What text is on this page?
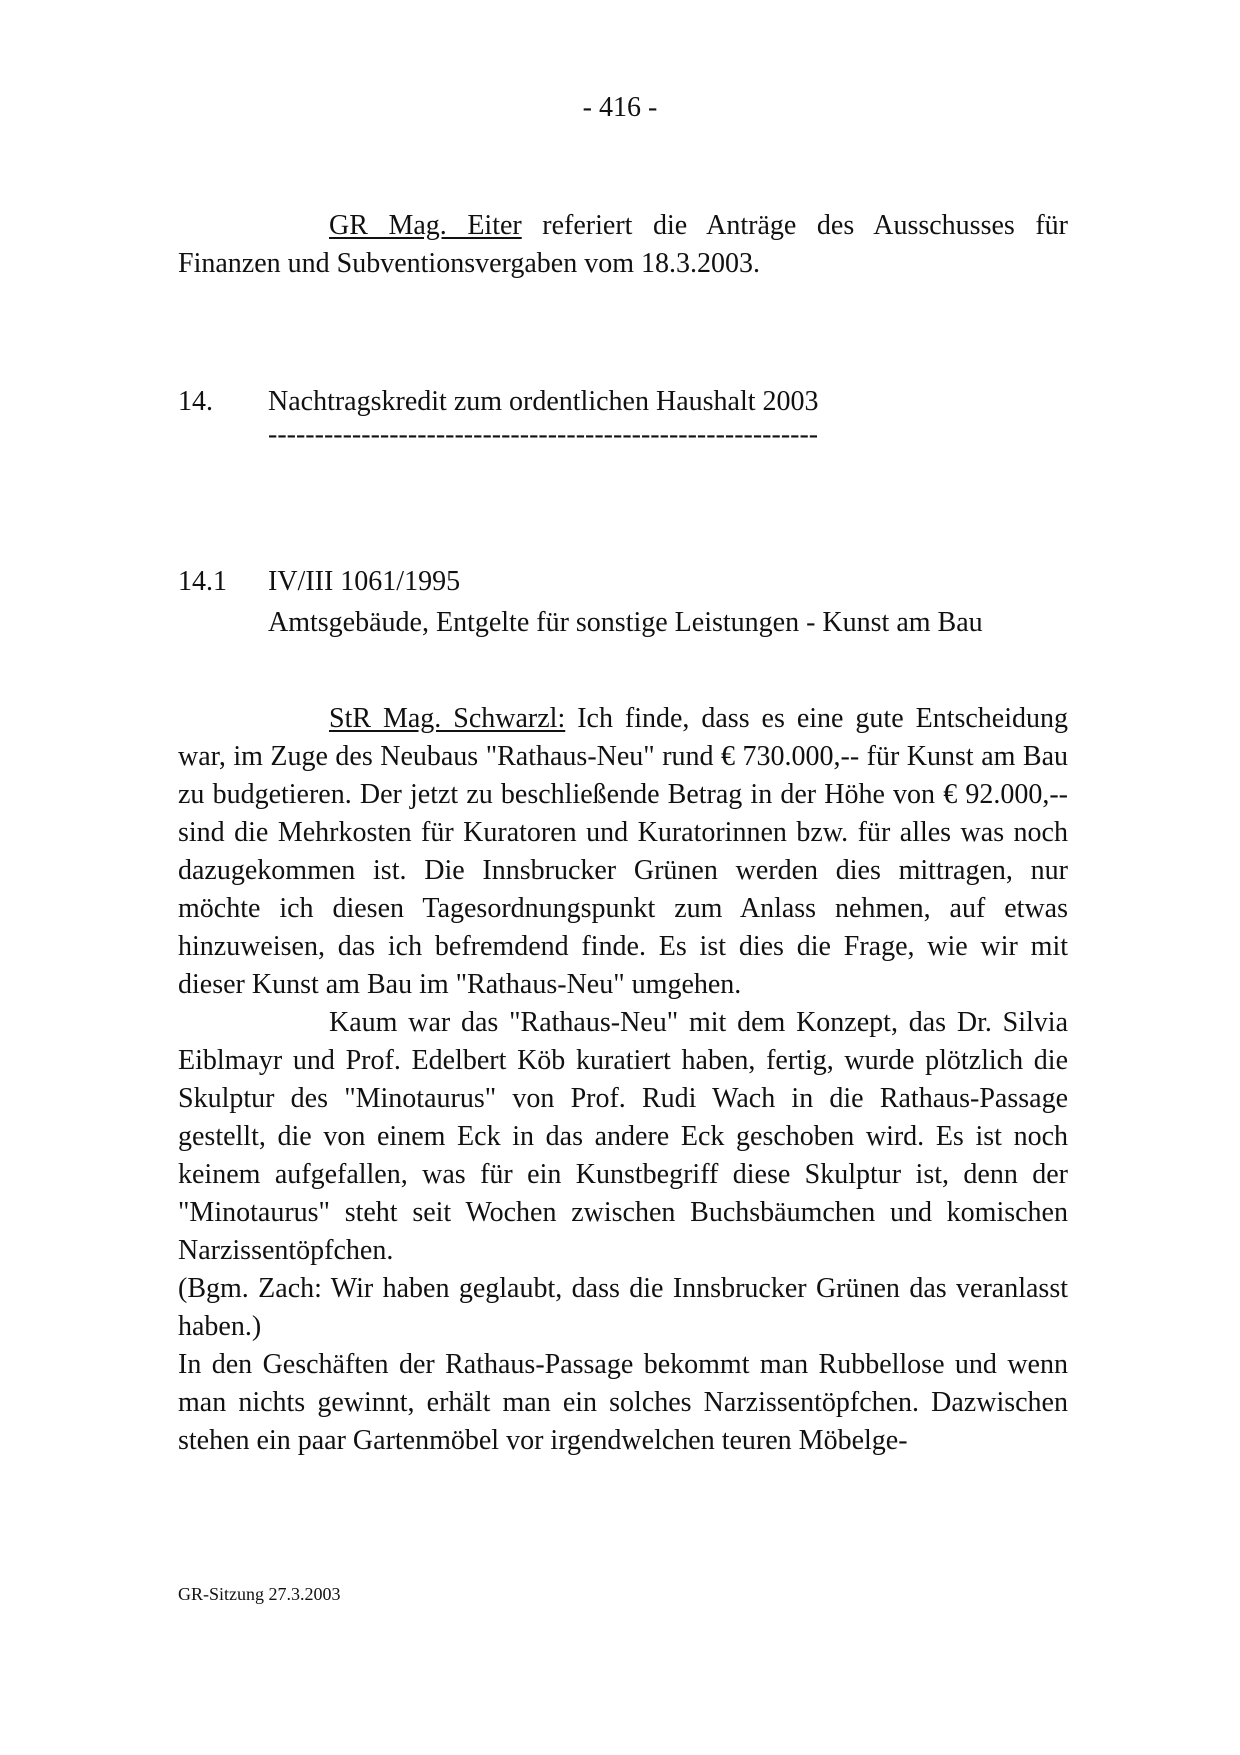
- 416 -
GR Mag. Eiter referiert die Anträge des Ausschusses für Finanzen und Subventionsvergaben vom 18.3.2003.
14. Nachtragskredit zum ordentlichen Haushalt 2003
-----------------------------------------------------------
14.1 IV/III 1061/1995
Amtsgebäude, Entgelte für sonstige Leistungen - Kunst am Bau

StR Mag. Schwarzl: Ich finde, dass es eine gute Entscheidung war, im Zuge des Neubaus "Rathaus-Neu" rund € 730.000,-- für Kunst am Bau zu budgetieren. Der jetzt zu beschließende Betrag in der Höhe von € 92.000,-- sind die Mehrkosten für Kuratoren und Kuratorinnen bzw. für alles was noch dazugekommen ist. Die Innsbrucker Grünen werden dies mittragen, nur möchte ich diesen Tagesordnungspunkt zum Anlass nehmen, auf etwas hinzuweisen, das ich befremdend finde. Es ist dies die Frage, wie wir mit dieser Kunst am Bau im "Rathaus-Neu" umgehen.

Kaum war das "Rathaus-Neu" mit dem Konzept, das Dr. Silvia Eiblmayr und Prof. Edelbert Köb kuratiert haben, fertig, wurde plötzlich die Skulptur des "Minotaurus" von Prof. Rudi Wach in die Rathaus-Passage gestellt, die von einem Eck in das andere Eck geschoben wird. Es ist noch keinem aufgefallen, was für ein Kunstbegriff diese Skulptur ist, denn der "Minotaurus" steht seit Wochen zwischen Buchsbäumchen und komischen Narzissentöpfchen.

(Bgm. Zach: Wir haben geglaubt, dass die Innsbrucker Grünen das veranlasst haben.)

In den Geschäften der Rathaus-Passage bekommt man Rubbellose und wenn man nichts gewinnt, erhält man ein solches Narzissentöpfchen. Dazwischen stehen ein paar Gartenmöbel vor irgendwelchen teuren Möbelge-

GR-Sitzung 27.3.2003
